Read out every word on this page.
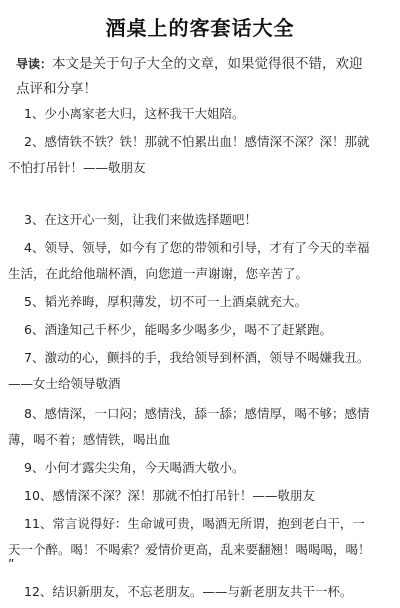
酒桌上的客套话大全
导读：本文是关于句子大全的文章，如果觉得很不错，欢迎
点评和分享！
1、少小离家老大归，这杯我干大姐陪。
2、感情铁不铁？铁！那就不怕累出血！感情深不深？深！那就
不怕打吊针！——敬朋友
3、在这开心一刻，让我们来做选择题吧！
4、领导、领导，如今有了您的带领和引导，才有了今天的幸福
生活，在此给他瑞杯酒，向您道一声谢谢，您辛苦了。
5、韬光养晦，厚积薄发，切不可一上酒桌就充大。
6、酒逢知己千杯少，能喝多少喝多少，喝不了赶紧跑。
7、激动的心，颤抖的手，我给领导到杯酒，领导不喝嫌我丑。
——女士给领导敬酒
8、感情深，一口闷；感情浅，舔一舔；感情厚，喝不够；感情
薄，喝不着；感情铁，喝出血
9、小何才露尖尖角，今天喝酒大敬小。
10、感情深不深？深！那就不怕打吊针！——敬朋友
11、常言说得好：生命诚可贵，喝酒无所谓，抱到老白干，一
天一个醉。喝！不喝索？爱情价更高，乱来要翻翘！喝喝喝，喝！
”
12、结识新朋友，不忘老朋友。——与新老朋友共干一杯。
